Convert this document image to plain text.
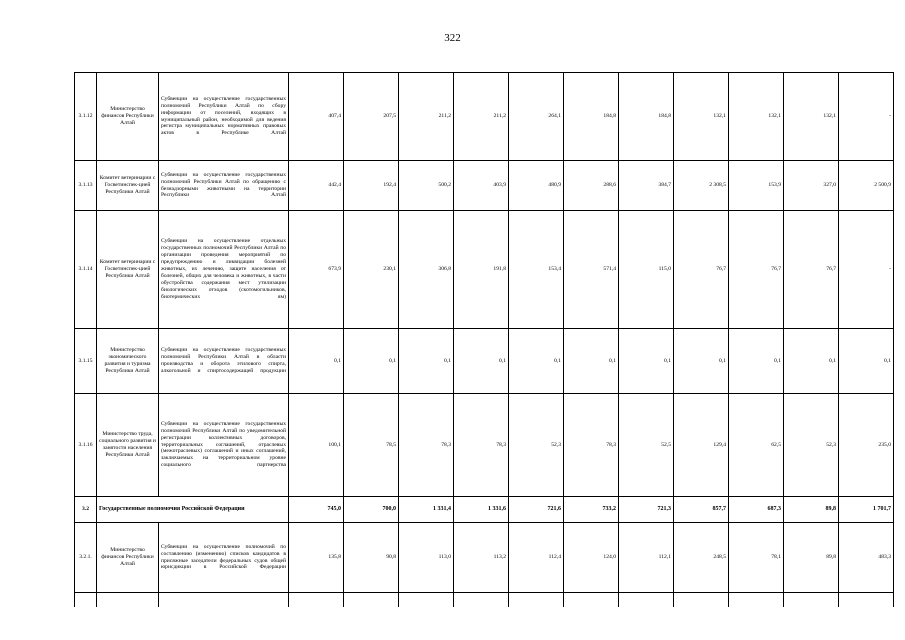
322
3.1.12	Министерство финансов Республики Алтай	Субвенции на осуществление государственных полномочий Республики Алтай по сбору информации от поселений, входящих в муниципальный район, необходимой для ведения регистра муниципальных нормативных правовых актов в Республике Алтай	407,4	207,5	211,2	211,2	264,1	184,8	184,8	132,1	132,1	132,1	-
3.1.13	Комитет ветеринарии с Госветинспек-цией Республики Алтай	Субвенции на осуществление государственных полномочий Республики Алтай по обращению с безнадзорными животными на территории Республики Алтай	442,4	192,4	500,2	403,9	480,9	288,6	384,7	2 308,5	153,9	327,0	2 500,9
3.1.14	Комитет ветеринарии с Госветинспек-цией Республики Алтай	Субвенции на осуществление отдельных государственных полномочий Республики Алтай по организации проведения мероприятий по предупреждению и ликвидации болезней животных, их лечению, защите населения от болезней, общих для человека и животных, в части обустройства содержания мест утилизации биологических отходов (скотомогильников, биотермических ям)	673,9	230,1	306,8	191,8	153,4	571,4	115,0	76,7	76,7	76,7	-
3.1.15	Министерство экономического развития и туризма Республики Алтай	Субвенции на осуществление государственных полномочий Республики Алтай в области производства и оборота этилового спирта, алкогольной и спиртосодержащей продукции	0,1	0,1	0,1	0,1	0,1	0,1	0,1	0,1	0,1	0,1	0,1
3.1.16	Министерство труда, социального развития и занятости населения Республики Алтай	Субвенции на осуществление государственных полномочий Республики Алтай по уведомительной регистрации коллективных договоров, территориальных соглашений, отраслевых (межотраслевых) соглашений и иных соглашений, заключаемых на территориальном уровне социального партнерства	100,1	78,5	78,3	78,3	52,3	78,3	52,5	129,4	62,5	52,3	235,0
3.2	Государственные полномочия Российской Федерации		745,0	700,0	1 331,4	1 331,6	721,6	733,2	721,3	857,7	687,3	89,8	1 701,7
3.2.1.	Министерство финансов Республики Алтай	Субвенции на осуществление полномочий по составлению (изменению) списков кандидатов в присяжные заседатели федеральных судов общей юрисдикции в Российской Федерации	135,8	90,8	113,0	113,2	112,4	124,0	112,1	248,5	78,1	89,8	483,3
